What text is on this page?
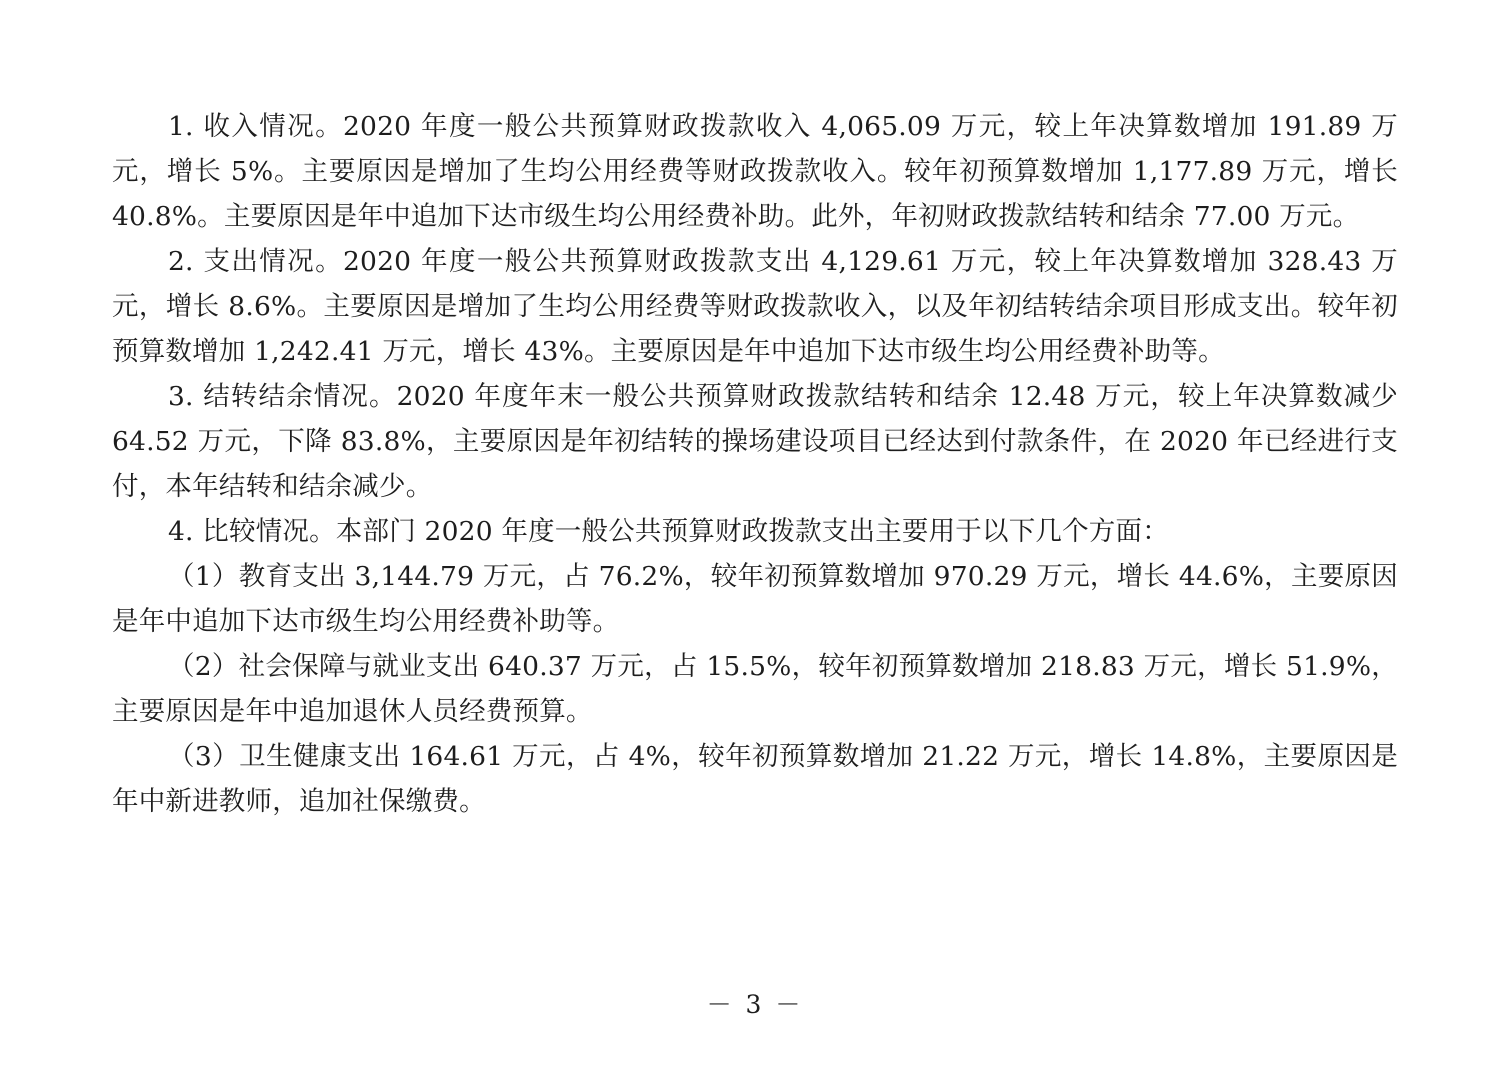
1. 收入情况。2020 年度一般公共预算财政拨款收入 4,065.09 万元，较上年决算数增加 191.89 万元，增长 5%。主要原因是增加了生均公用经费等财政拨款收入。较年初预算数增加 1,177.89 万元，增长 40.8%。主要原因是年中追加下达市级生均公用经费补助。此外，年初财政拨款结转和结余 77.00 万元。

2. 支出情况。2020 年度一般公共预算财政拨款支出 4,129.61 万元，较上年决算数增加 328.43 万元，增长 8.6%。主要原因是增加了生均公用经费等财政拨款收入，以及年初结转结余项目形成支出。较年初预算数增加 1,242.41 万元，增长 43%。主要原因是年中追加下达市级生均公用经费补助等。

3. 结转结余情况。2020 年度年末一般公共预算财政拨款结转和结余 12.48 万元，较上年决算数减少 64.52 万元，下降 83.8%，主要原因是年初结转的操场建设项目已经达到付款条件，在 2020 年已经进行支付，本年结转和结余减少。

4. 比较情况。本部门 2020 年度一般公共预算财政拨款支出主要用于以下几个方面：

（1）教育支出 3,144.79 万元，占 76.2%，较年初预算数增加 970.29 万元，增长 44.6%，主要原因是年中追加下达市级生均公用经费补助等。

（2）社会保障与就业支出 640.37 万元，占 15.5%，较年初预算数增加 218.83 万元，增长 51.9%，主要原因是年中追加退休人员经费预算。

（3）卫生健康支出 164.61 万元，占 4%，较年初预算数增加 21.22 万元，增长 14.8%，主要原因是年中新进教师，追加社保缴费。

－ 3 －
